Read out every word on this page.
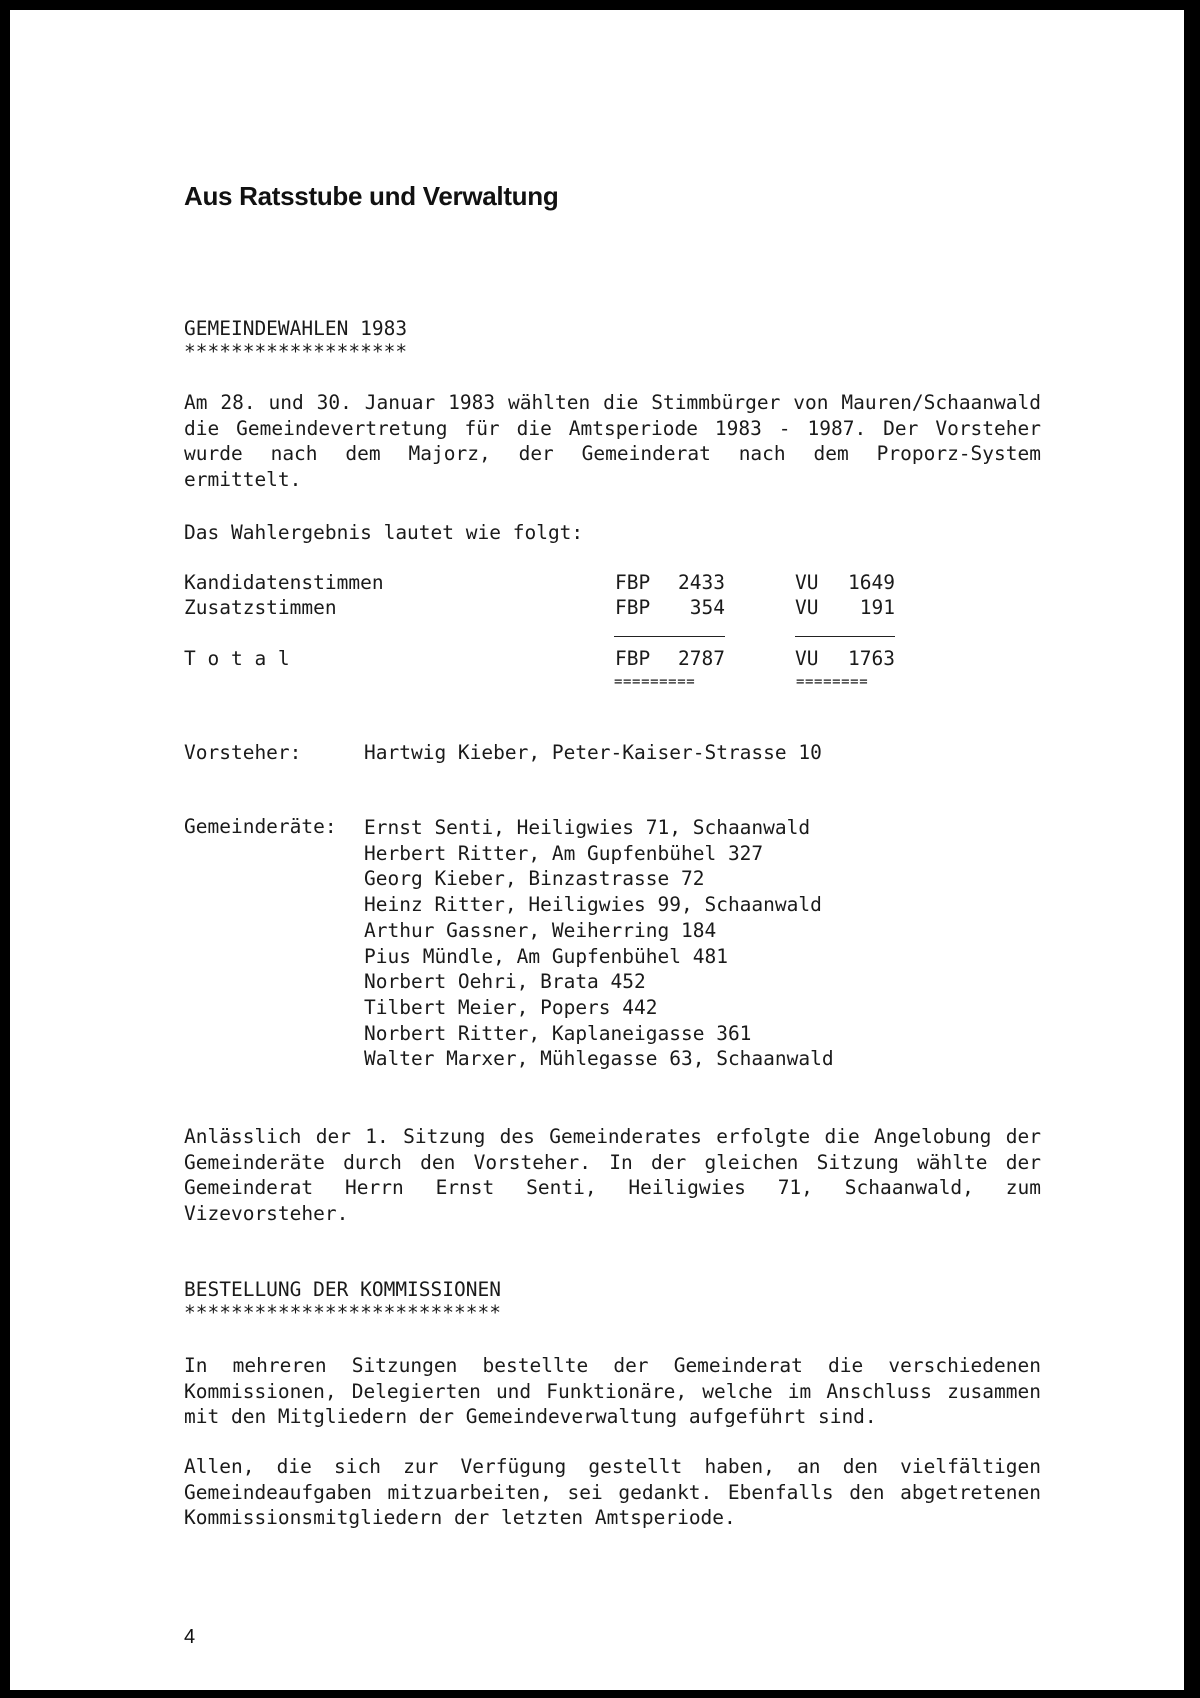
Aus Ratsstube und Verwaltung
GEMEINDEWAHLEN 1983
*******************

Am 28. und 30. Januar 1983 wählten die Stimmbürger von Mauren/Schaanwald die Gemeindevertretung für die Amtsperiode 1983 - 1987. Der Vorsteher wurde nach dem Majorz, der Gemeinderat nach dem Proporz-System ermittelt.

Das Wahlergebnis lautet wie folgt:
Kandidatenstimmen	FBP	2433	VU	1649
Zusatzstimmen	FBP	354	VU	191
T o t a l	FBP	2787	VU	1763
=========	========
Vorsteher:	Hartwig Kieber, Peter-Kaiser-Strasse 10
Gemeinderäte: Ernst Senti, Heiligwies 71, Schaanwald
Herbert Ritter, Am Gupfenbühel 327
Georg Kieber, Binzastrasse 72
Heinz Ritter, Heiligwies 99, Schaanwald
Arthur Gassner, Weiherring 184
Pius Mündle, Am Gupfenbühel 481
Norbert Oehri, Brata 452
Tilbert Meier, Popers 442
Norbert Ritter, Kaplaneigasse 361
Walter Marxer, Mühlegasse 63, Schaanwald

Anlässlich der 1. Sitzung des Gemeinderates erfolgte die Angelobung der Gemeinderäte durch den Vorsteher. In der gleichen Sitzung wählte der Gemeinderat Herrn Ernst Senti, Heiligwies 71, Schaanwald, zum Vizevorsteher.

BESTELLUNG DER KOMMISSIONEN
***************************

In mehreren Sitzungen bestellte der Gemeinderat die verschiedenen Kommissionen, Delegierten und Funktionäre, welche im Anschluss zusammen mit den Mitgliedern der Gemeindeverwaltung aufgeführt sind.

Allen, die sich zur Verfügung gestellt haben, an den vielfältigen Gemeindeaufgaben mitzuarbeiten, sei gedankt. Ebenfalls den abgetretenen Kommissionsmitgliedern der letzten Amtsperiode.

4
